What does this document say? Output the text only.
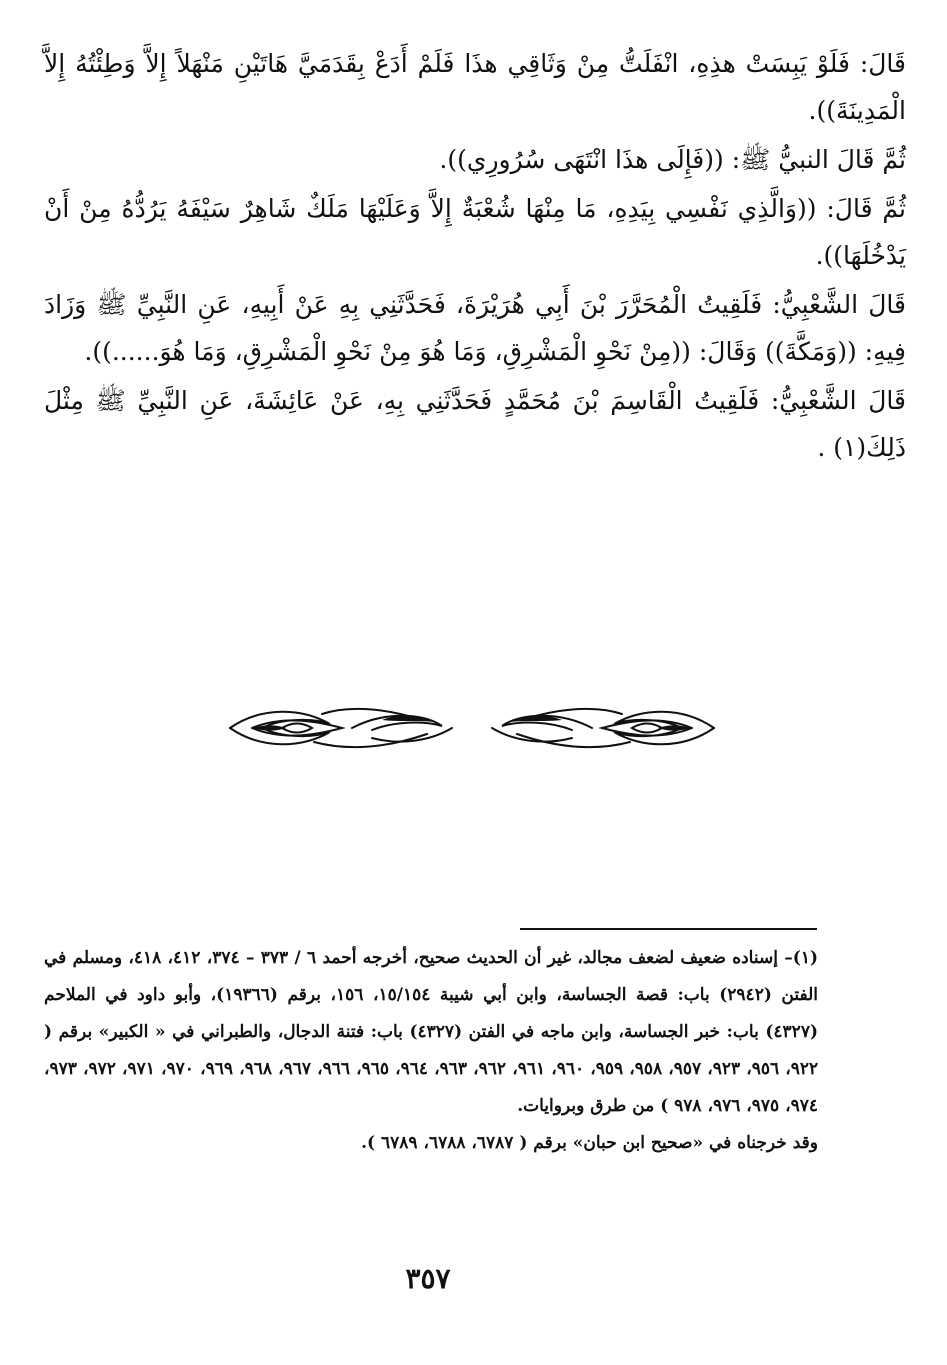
قَالَ: فَلَوْ يَبِسَتْ هذِهِ، انْفَلَتُّ مِنْ وَثَاقِي هذَا فَلَمْ أَدَعْ بِقَدَمَيَّ هَاتَيْنِ مَنْهَلاً إِلاَّ وَطِئْتُهُ إِلاَّ الْمَدِينَةَ)).

ثُمَّ قَالَ النبيُّ ﷺ: ((فَإِلَى هذَا انْتَهَى سُرُورِي)).

ثُمَّ قَالَ: ((وَالَّذِي نَفْسِي بِيَدِهِ، مَا مِنْهَا شُعْبَةٌ إِلاَّ وَعَلَيْهَا مَلَكٌ شَاهِرٌ سَيْفَهُ يَرُدُّهُ مِنْ أَنْ يَدْخُلَهَا)).

قَالَ الشَّعْبِيُّ: فَلَقِيتُ الْمُحَرَّرَ بْنَ أَبِي هُرَيْرَةَ، فَحَدَّثَنِي بِهِ عَنْ أَبِيهِ، عَنِ النَّبِيِّ ﷺ وَزَادَ فِيهِ: ((وَمَكَّةَ)) وَقَالَ: ((مِنْ نَحْوِ الْمَشْرِقِ، وَمَا هُوَ مِنْ نَحْوِ الْمَشْرِقِ، وَمَا هُوَ......)).

قَالَ الشَّعْبِيُّ: فَلَقِيتُ الْقَاسِمَ بْنَ مُحَمَّدٍ فَحَدَّثَنِي بِهِ، عَنْ عَائِشَةَ، عَنِ النَّبِيِّ ﷺ مِثْلَ ذَلِكَ(١) .

(١)– إسناده ضعيف لضعف مجالد، غير أن الحديث صحيح، أخرجه أحمد ٦ / ٣٧٣ – ٣٧٤، ٤١٢، ٤١٨، ومسلم في الفتن (٢٩٤٢) باب: قصة الجساسة، وابن أبي شيبة ١٥/١٥٤، ١٥٦، برقم (١٩٣٦٦)، وأبو داود في الملاحم (٤٣٢٧) باب: خبر الجساسة، وابن ماجه في الفتن (٤٣٢٧) باب: فتنة الدجال، والطبراني في « الكبير» برقم ( ٩٢٢، ٩٥٦، ٩٢٣، ٩٥٧، ٩٥٨، ٩٥٩، ٩٦٠، ٩٦١، ٩٦٢، ٩٦٣، ٩٦٤، ٩٦٥، ٩٦٦، ٩٦٧، ٩٦٨، ٩٦٩، ٩٧٠، ٩٧١، ٩٧٢، ٩٧٣، ٩٧٤، ٩٧٥، ٩٧٦، ٩٧٨ ) من طرق وبروايات.

وقد خرجناه في «صحيح ابن حبان» برقم ( ٦٧٨٧، ٦٧٨٨، ٦٧٨٩ ).

٣٥٧
